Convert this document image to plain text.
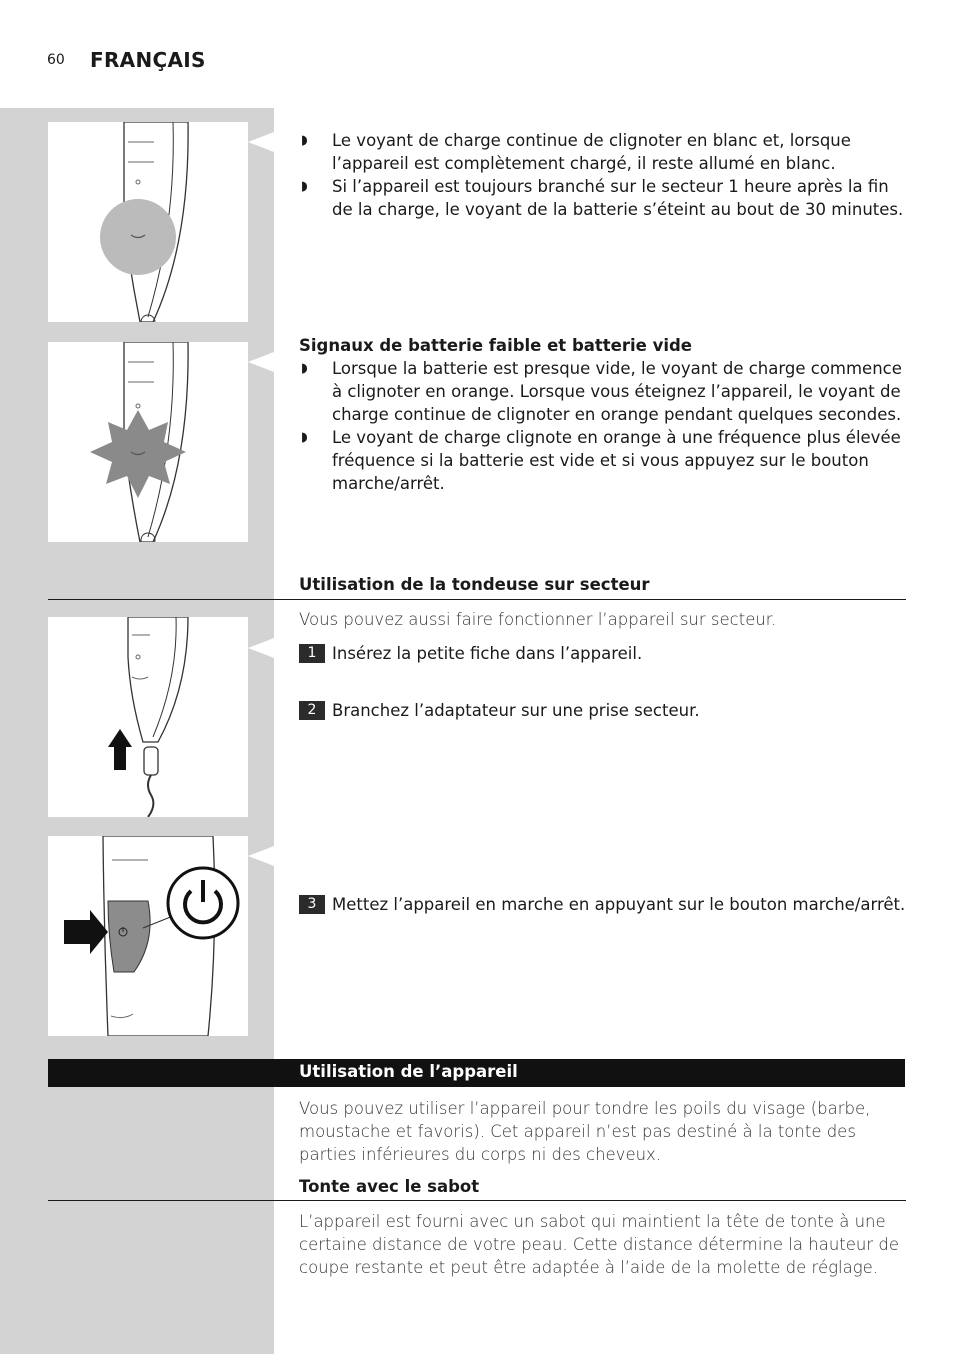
60 FRANÇAIS
◗ Le voyant de charge continue de clignoter en blanc et, lorsque l’appareil est complètement chargé, il reste allumé en blanc.
◗ Si l’appareil est toujours branché sur le secteur 1 heure après la fin de la charge, le voyant de la batterie s’éteint au bout de 30 minutes.
Signaux de batterie faible et batterie vide
◗ Lorsque la batterie est presque vide, le voyant de charge commence à clignoter en orange. Lorsque vous éteignez l’appareil, le voyant de charge continue de clignoter en orange pendant quelques secondes.
◗ Le voyant de charge clignote en orange à une fréquence plus élevée fréquence si la batterie est vide et si vous appuyez sur le bouton marche/arrêt.
Utilisation de la tondeuse sur secteur
Vous pouvez aussi faire fonctionner l’appareil sur secteur.
1 Insérez la petite fiche dans l’appareil.
2 Branchez l’adaptateur sur une prise secteur.
3 Mettez l’appareil en marche en appuyant sur le bouton marche/arrêt.
Utilisation de l’appareil
Vous pouvez utiliser l’appareil pour tondre les poils du visage (barbe, moustache et favoris). Cet appareil n’est pas destiné à la tonte des parties inférieures du corps ni des cheveux.
Tonte avec le sabot
L’appareil est fourni avec un sabot qui maintient la tête de tonte à une certaine distance de votre peau. Cette distance détermine la hauteur de coupe restante et peut être adaptée à l’aide de la molette de réglage.
